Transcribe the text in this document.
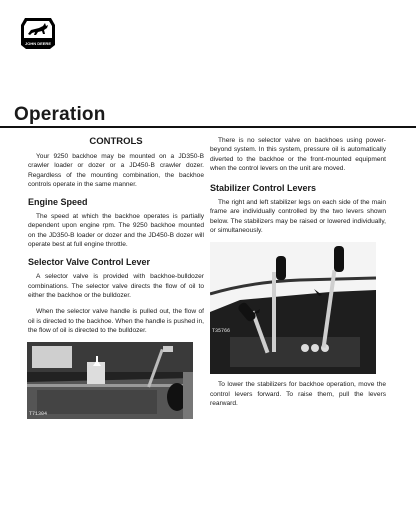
JOHN DEERE
Operation
CONTROLS

Your 9250 backhoe may be mounted on a JD350-B crawler loader or dozer or a JD450-B crawler dozer. Regardless of the mounting combination, the backhoe controls operate in the same manner.

Engine Speed

The speed at which the backhoe operates is partially dependent upon engine rpm. The 9250 backhoe mounted on the JD350-B loader or dozer and the JD450-B dozer will operate best at full engine throttle.

Selector Valve Control Lever

A selector valve is provided with backhoe-bulldozer combinations. The selector valve directs the flow of oil to either the backhoe or the bulldozer.

When the selector valve handle is pulled out, the flow of oil is directed to the backhoe. When the handle is pushed in, the flow of oil is directed to the bulldozer.

T71304

There is no selector valve on backhoes using power-beyond system. In this system, pressure oil is automatically diverted to the backhoe or the front-mounted equipment when the control levers on the unit are moved.

Stabilizer Control Levers

The right and left stabilizer legs on each side of the main frame are individually controlled by the two levers shown below. The stabilizers may be raised or lowered individually, or simultaneously.

T35766

To lower the stabilizers for backhoe operation, move the control levers forward. To raise them, pull the levers rearward.
